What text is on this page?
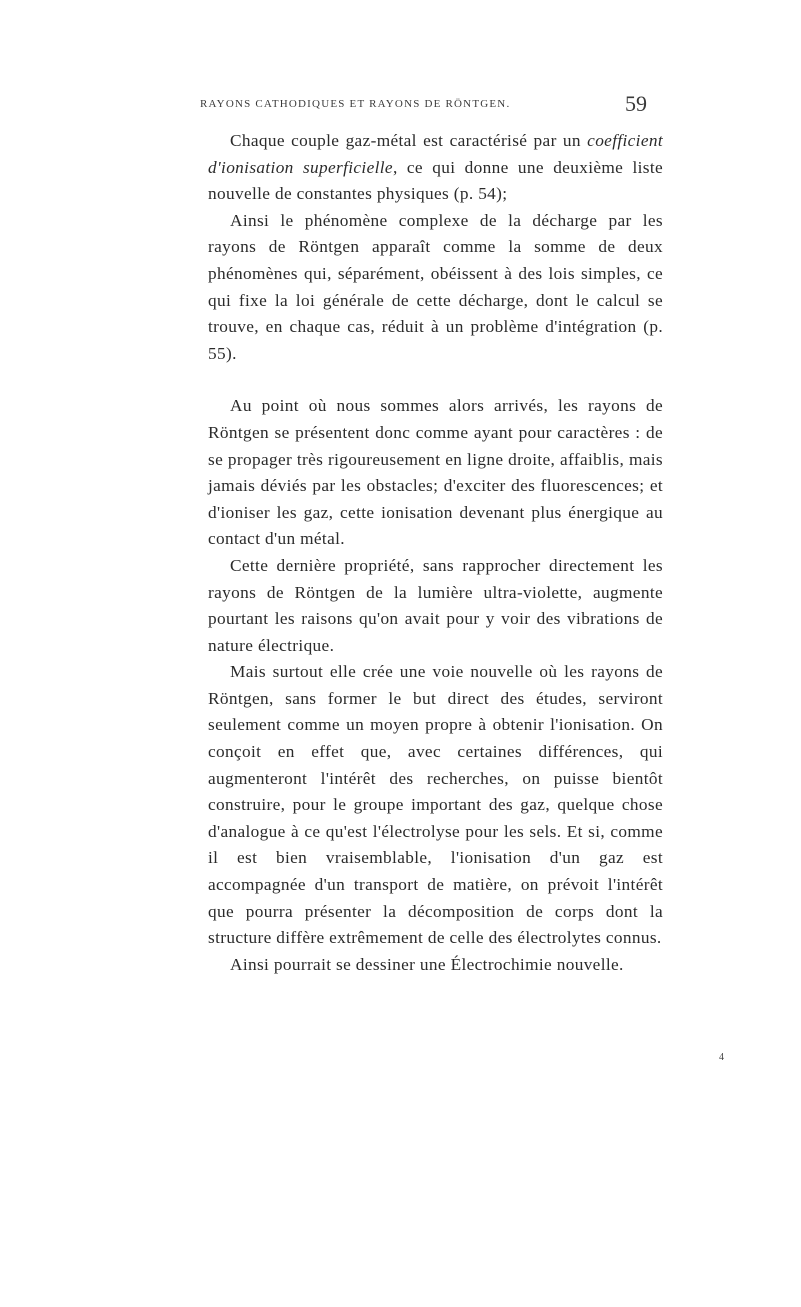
RAYONS CATHODIQUES ET RAYONS DE RÖNTGEN.	59

Chaque couple gaz-métal est caractérisé par un coefficient d'ionisation superficielle, ce qui donne une deuxième liste nouvelle de constantes physiques (p. 54);

Ainsi le phénomène complexe de la décharge par les rayons de Röntgen apparaît comme la somme de deux phénomènes qui, séparément, obéissent à des lois simples, ce qui fixe la loi générale de cette décharge, dont le calcul se trouve, en chaque cas, réduit à un problème d'intégration (p. 55).

Au point où nous sommes alors arrivés, les rayons de Röntgen se présentent donc comme ayant pour caractères : de se propager très rigoureusement en ligne droite, affaiblis, mais jamais déviés par les obstacles; d'exciter des fluorescences; et d'ioniser les gaz, cette ionisation devenant plus énergique au contact d'un métal.

Cette dernière propriété, sans rapprocher directement les rayons de Röntgen de la lumière ultra-violette, augmente pourtant les raisons qu'on avait pour y voir des vibrations de nature électrique.

Mais surtout elle crée une voie nouvelle où les rayons de Röntgen, sans former le but direct des études, serviront seulement comme un moyen propre à obtenir l'ionisation. On conçoit en effet que, avec certaines différences, qui augmenteront l'intérêt des recherches, on puisse bientôt construire, pour le groupe important des gaz, quelque chose d'analogue à ce qu'est l'électrolyse pour les sels. Et si, comme il est bien vraisemblable, l'ionisation d'un gaz est accompagnée d'un transport de matière, on prévoit l'intérêt que pourra présenter la décomposition de corps dont la structure diffère extrêmement de celle des électrolytes connus.

Ainsi pourrait se dessiner une Électrochimie nouvelle.

4
